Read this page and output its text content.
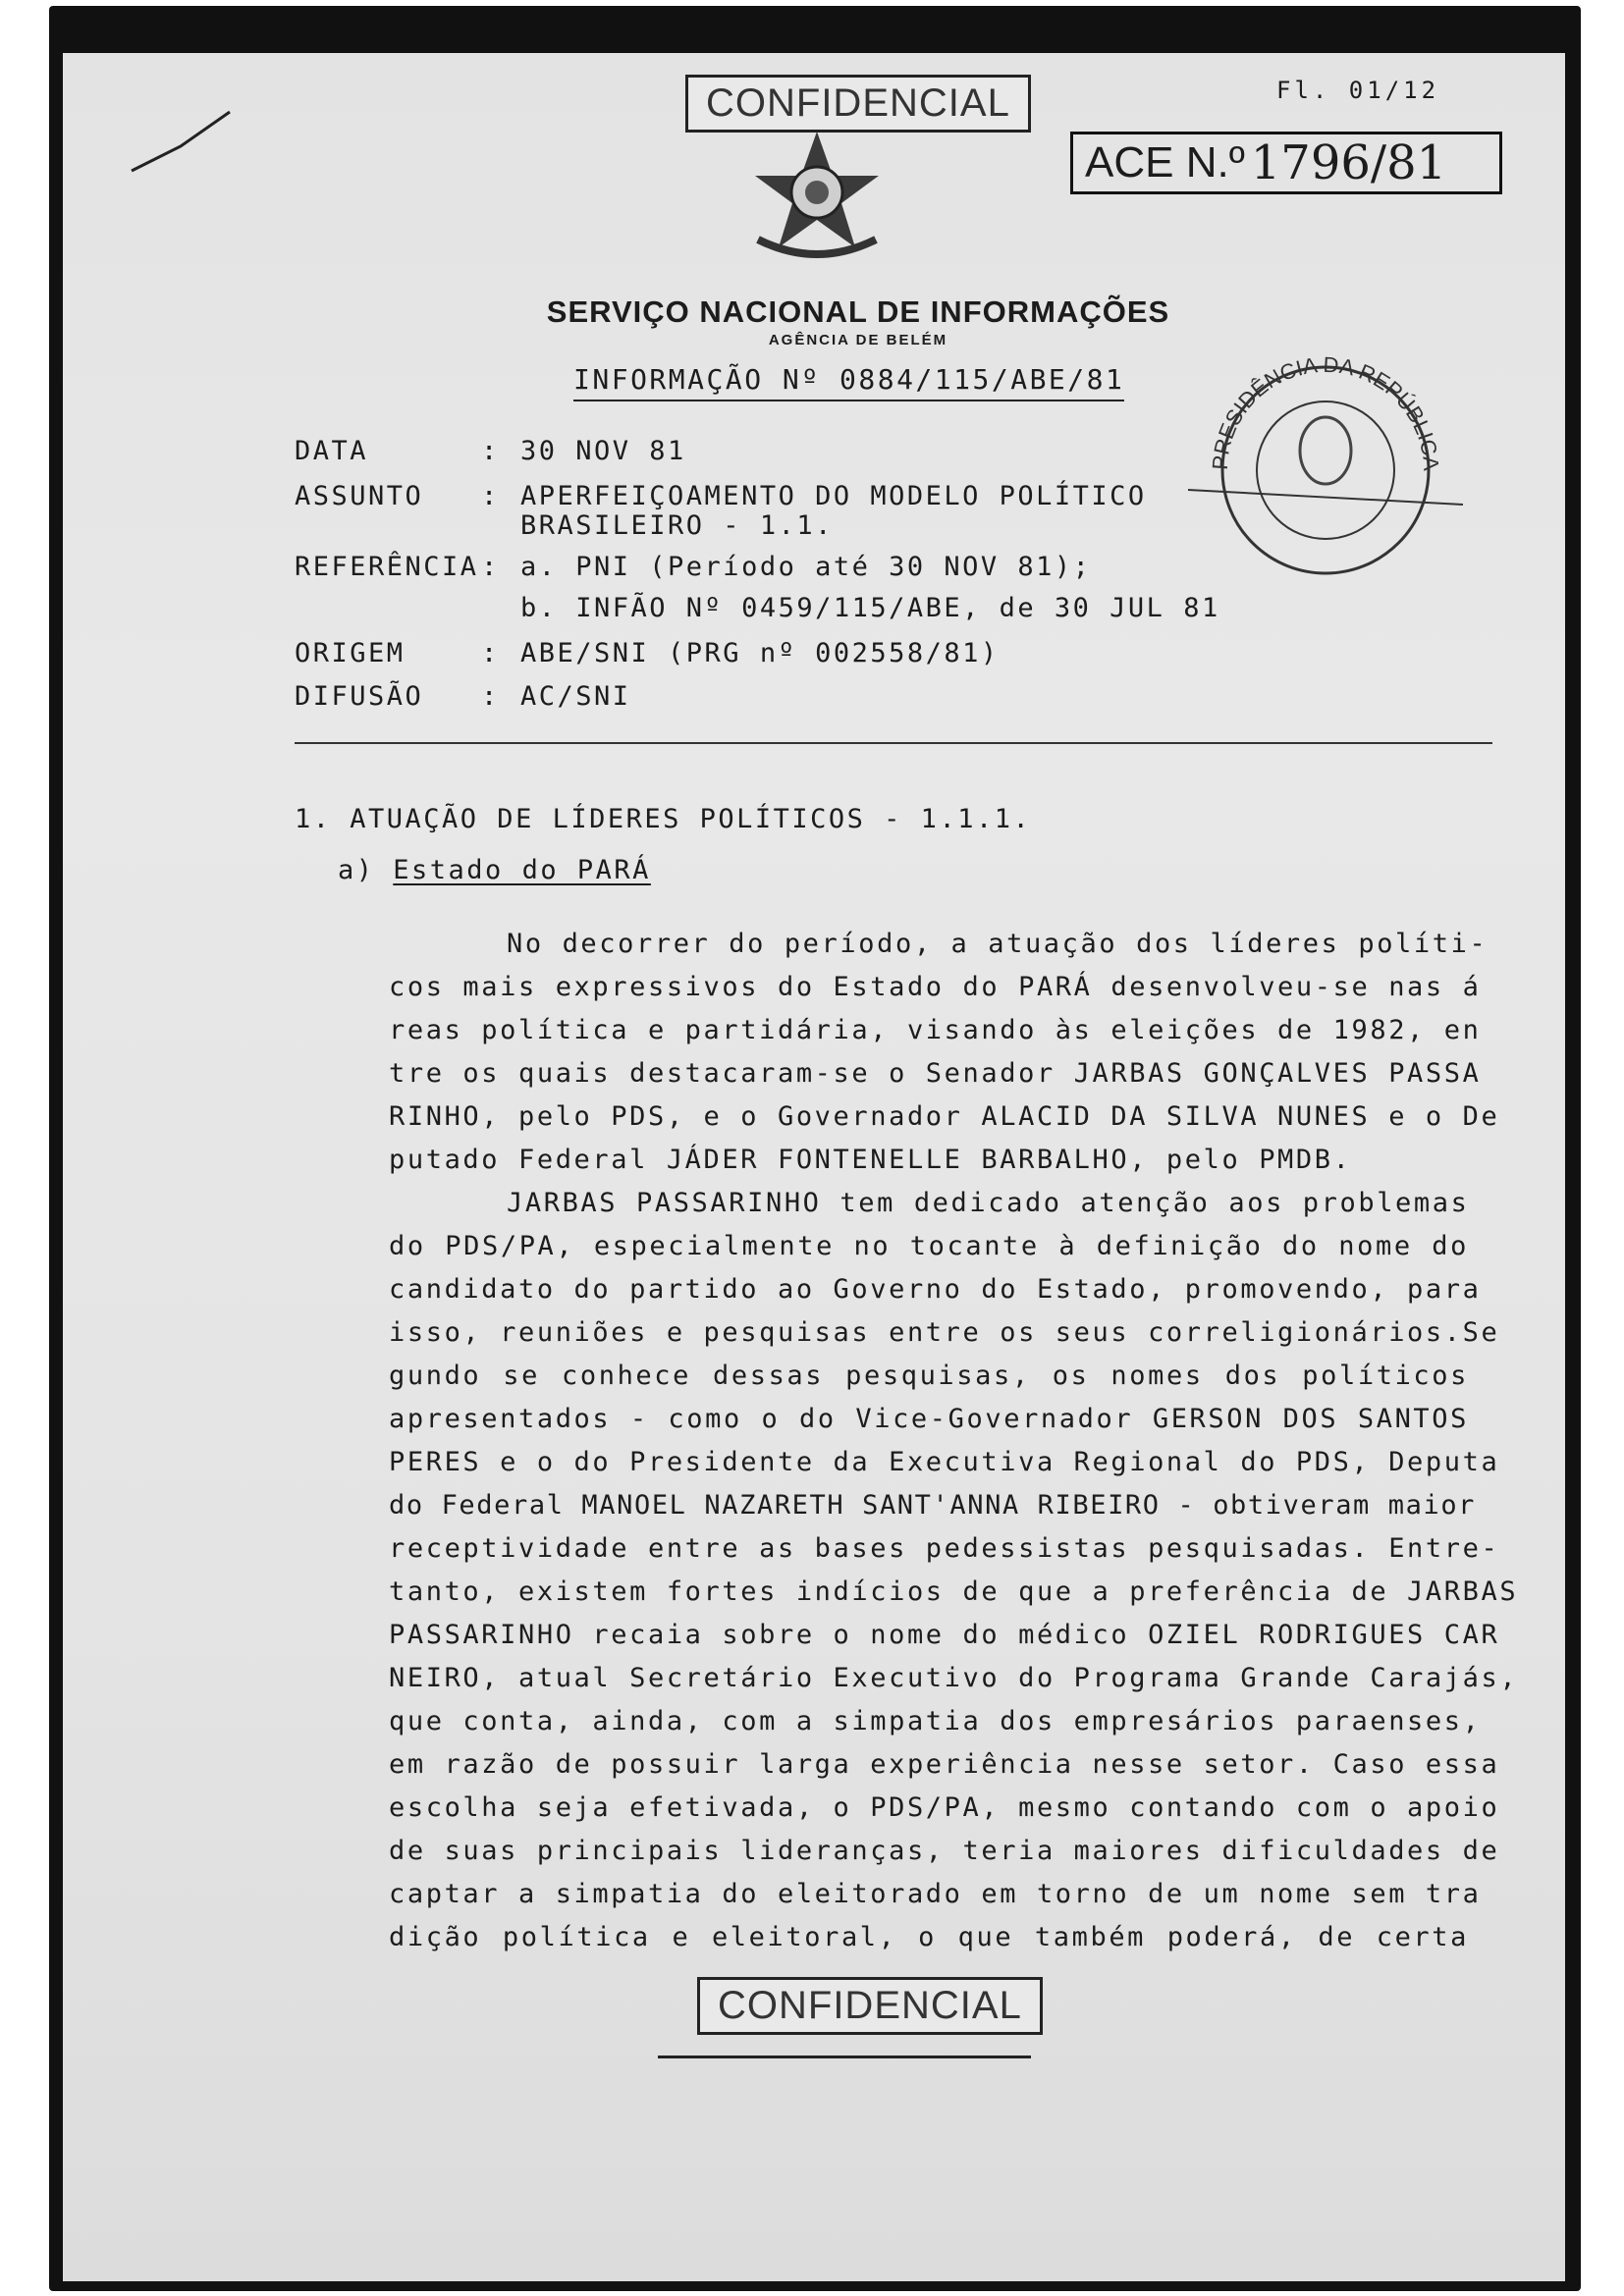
CONFIDENCIAL	Fl. 01/12
ACE N.º 1796/81
SERVIÇO NACIONAL DE INFORMAÇÕES
AGÊNCIA DE BELÉM
INFORMAÇÃO Nº 0884/115/ABE/81
PRESIDÊNCIA DA REPÚBLICA
DATA	: 30 NOV 81
ASSUNTO : APERFEIÇOAMENTO DO MODELO POLÍTICO
BRASILEIRO - 1.1.
REFERÊNCIA: a. PNI (Período até 30 NOV 81);
b. INFÃO Nº 0459/115/ABE, de 30 JUL 81
ORIGEM	: ABE/SNI (PRG nº 002558/81)
DIFUSÃO : AC/SNI
1. ATUAÇÃO DE LÍDERES POLÍTICOS - 1.1.1.
a) Estado do PARÁ
No decorrer do período, a atuação dos líderes políti-
cos mais expressivos do Estado do PARÁ desenvolveu-se nas á
reas política e partidária, visando às eleições de 1982, en
tre os quais destacaram-se o Senador JARBAS GONÇALVES PASSA
RINHO, pelo PDS, e o Governador ALACID DA SILVA NUNES e o De
putado Federal JÁDER FONTENELLE BARBALHO, pelo PMDB.
JARBAS PASSARINHO tem dedicado atenção aos problemas
do PDS/PA, especialmente no tocante à definição do nome do
candidato do partido ao Governo do Estado, promovendo, para
isso, reuniões e pesquisas entre os seus correligionários.Se
gundo se conhece dessas pesquisas, os nomes dos políticos
apresentados - como o do Vice-Governador GERSON DOS SANTOS
PERES e o do Presidente da Executiva Regional do PDS, Deputa
do Federal MANOEL NAZARETH SANT'ANNA RIBEIRO - obtiveram maior
receptividade entre as bases pedessistas pesquisadas. Entre-
tanto, existem fortes indícios de que a preferência de JARBAS
PASSARINHO recaia sobre o nome do médico OZIEL RODRIGUES CAR
NEIRO, atual Secretário Executivo do Programa Grande Carajás,
que conta, ainda, com a simpatia dos empresários paraenses,
em razão de possuir larga experiência nesse setor. Caso essa
escolha seja efetivada, o PDS/PA, mesmo contando com o apoio
de suas principais lideranças, teria maiores dificuldades de
captar a simpatia do eleitorado em torno de um nome sem tra
dição política e eleitoral, o que também poderá, de certa
CONFIDENCIAL
